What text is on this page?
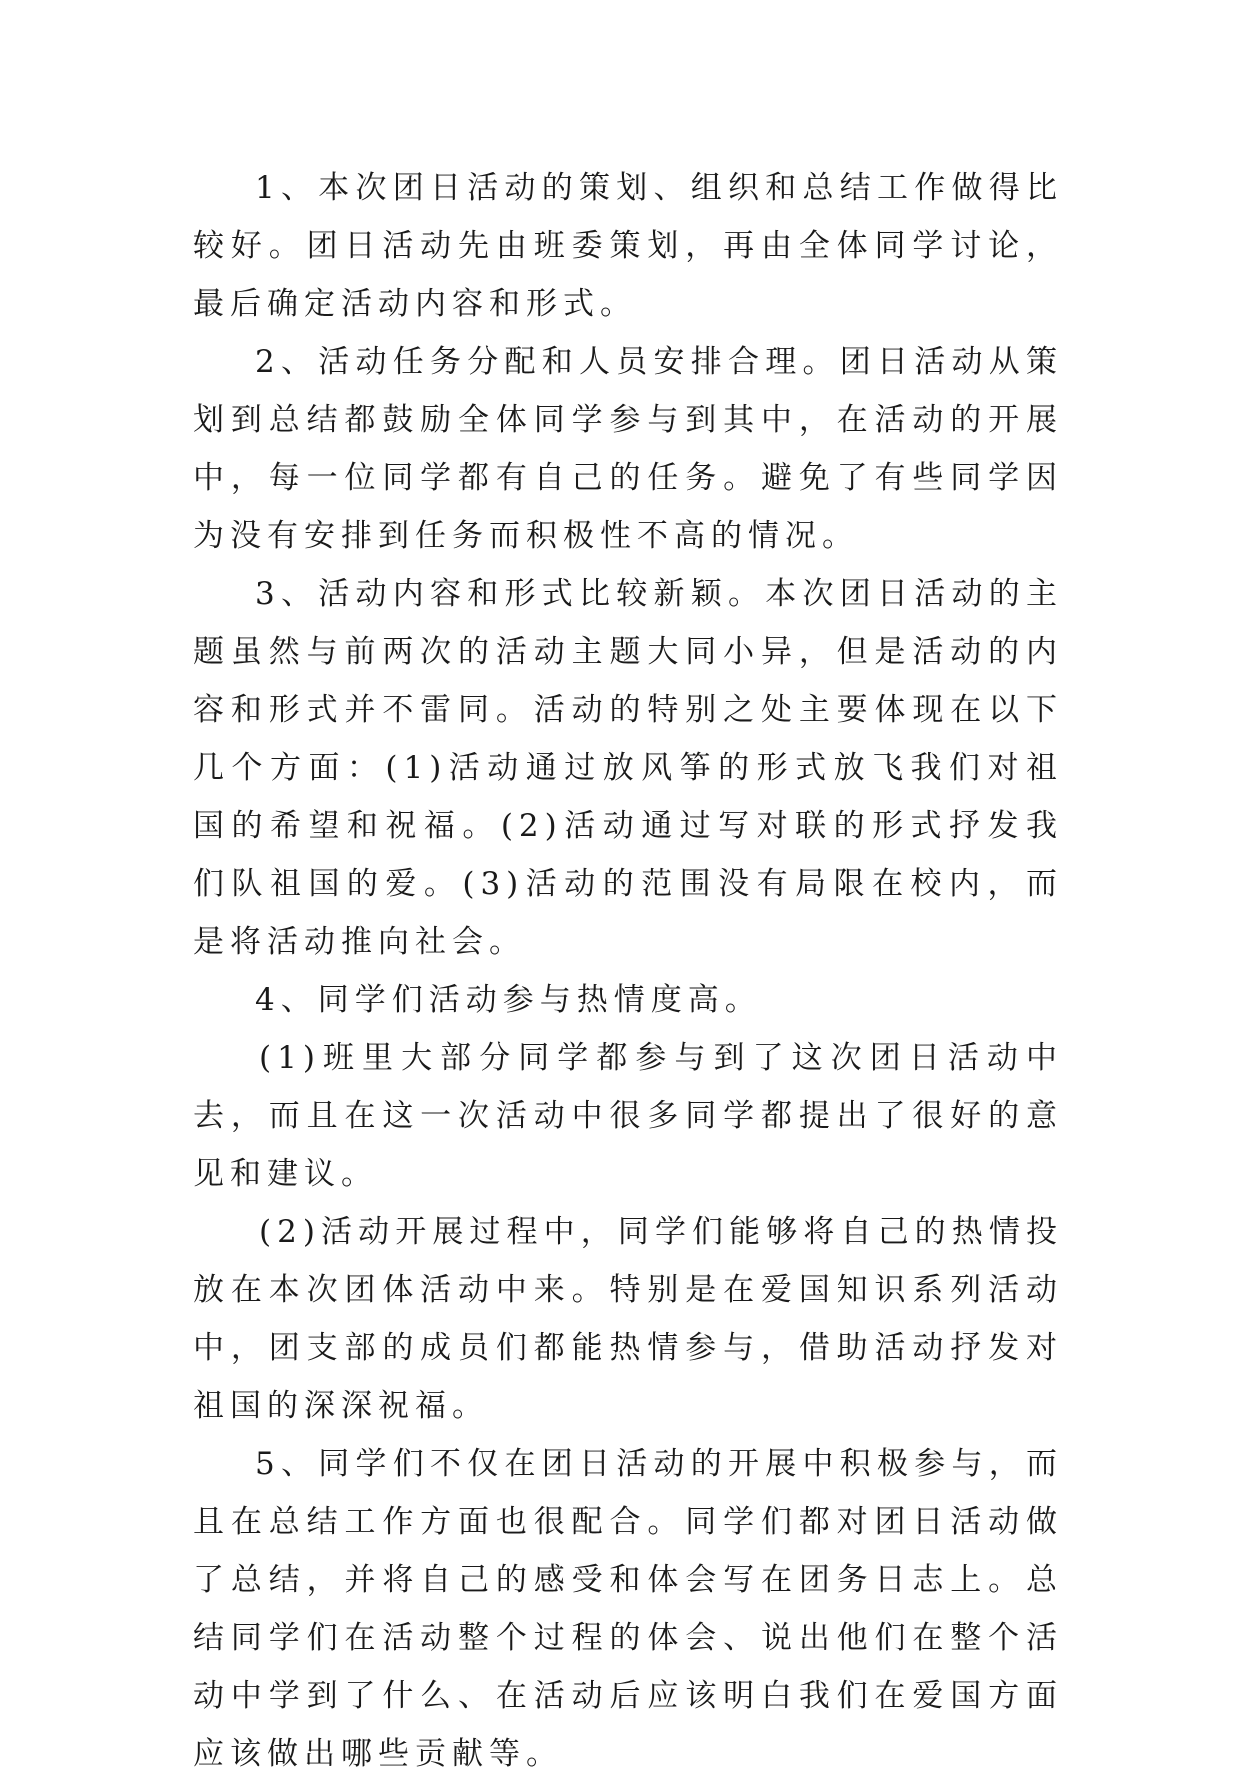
1、本次团日活动的策划、组织和总结工作做得比较好。团日活动先由班委策划，再由全体同学讨论，最后确定活动内容和形式。

2、活动任务分配和人员安排合理。团日活动从策划到总结都鼓励全体同学参与到其中，在活动的开展中，每一位同学都有自己的任务。避免了有些同学因为没有安排到任务而积极性不高的情况。

3、活动内容和形式比较新颖。本次团日活动的主题虽然与前两次的活动主题大同小异，但是活动的内容和形式并不雷同。活动的特别之处主要体现在以下几个方面：(1)活动通过放风筝的形式放飞我们对祖国的希望和祝福。(2)活动通过写对联的形式抒发我们队祖国的爱。(3)活动的范围没有局限在校内，而是将活动推向社会。

4、同学们活动参与热情度高。

(1)班里大部分同学都参与到了这次团日活动中去，而且在这一次活动中很多同学都提出了很好的意见和建议。

(2)活动开展过程中，同学们能够将自己的热情投放在本次团体活动中来。特别是在爱国知识系列活动中，团支部的成员们都能热情参与，借助活动抒发对祖国的深深祝福。

5、同学们不仅在团日活动的开展中积极参与，而且在总结工作方面也很配合。同学们都对团日活动做了总结，并将自己的感受和体会写在团务日志上。总结同学们在活动整个过程的体会、说出他们在整个活动中学到了什么、在活动后应该明白我们在爱国方面应该做出哪些贡献等。
